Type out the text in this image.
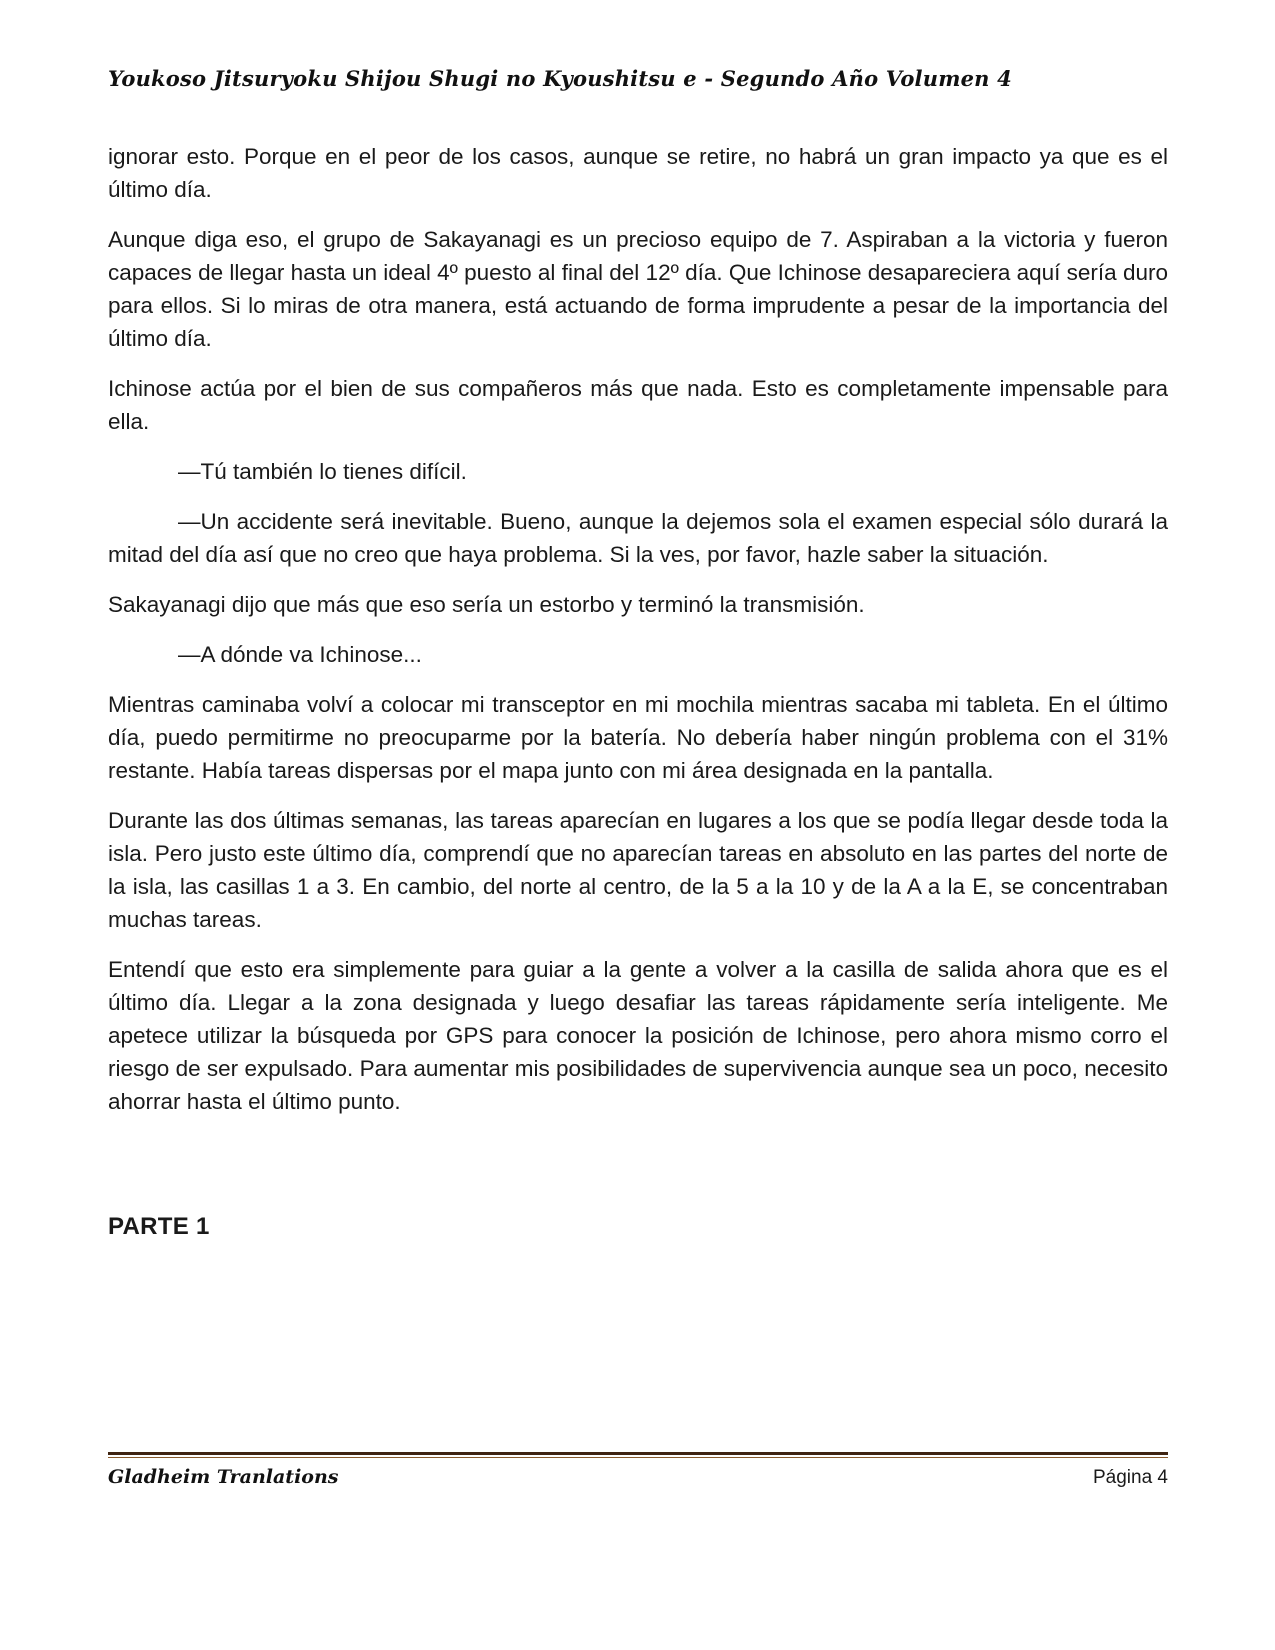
Youkoso Jitsuryoku Shijou Shugi no Kyoushitsu e - Segundo Año Volumen 4

ignorar esto. Porque en el peor de los casos, aunque se retire, no habrá un gran impacto ya que es el último día.

Aunque diga eso, el grupo de Sakayanagi es un precioso equipo de 7. Aspiraban a la victoria y fueron capaces de llegar hasta un ideal 4º puesto al final del 12º día. Que Ichinose desapareciera aquí sería duro para ellos. Si lo miras de otra manera, está actuando de forma imprudente a pesar de la importancia del último día.

Ichinose actúa por el bien de sus compañeros más que nada. Esto es completamente impensable para ella.

—Tú también lo tienes difícil.

—Un accidente será inevitable. Bueno, aunque la dejemos sola el examen especial sólo durará la mitad del día así que no creo que haya problema. Si la ves, por favor, hazle saber la situación.

Sakayanagi dijo que más que eso sería un estorbo y terminó la transmisión.

—A dónde va Ichinose...

Mientras caminaba volví a colocar mi transceptor en mi mochila mientras sacaba mi tableta. En el último día, puedo permitirme no preocuparme por la batería. No debería haber ningún problema con el 31% restante. Había tareas dispersas por el mapa junto con mi área designada en la pantalla.

Durante las dos últimas semanas, las tareas aparecían en lugares a los que se podía llegar desde toda la isla. Pero justo este último día, comprendí que no aparecían tareas en absoluto en las partes del norte de la isla, las casillas 1 a 3. En cambio, del norte al centro, de la 5 a la 10 y de la A a la E, se concentraban muchas tareas.

Entendí que esto era simplemente para guiar a la gente a volver a la casilla de salida ahora que es el último día. Llegar a la zona designada y luego desafiar las tareas rápidamente sería inteligente. Me apetece utilizar la búsqueda por GPS para conocer la posición de Ichinose, pero ahora mismo corro el riesgo de ser expulsado. Para aumentar mis posibilidades de supervivencia aunque sea un poco, necesito ahorrar hasta el último punto.

PARTE 1

Gladheim Tranlations	Página 4
